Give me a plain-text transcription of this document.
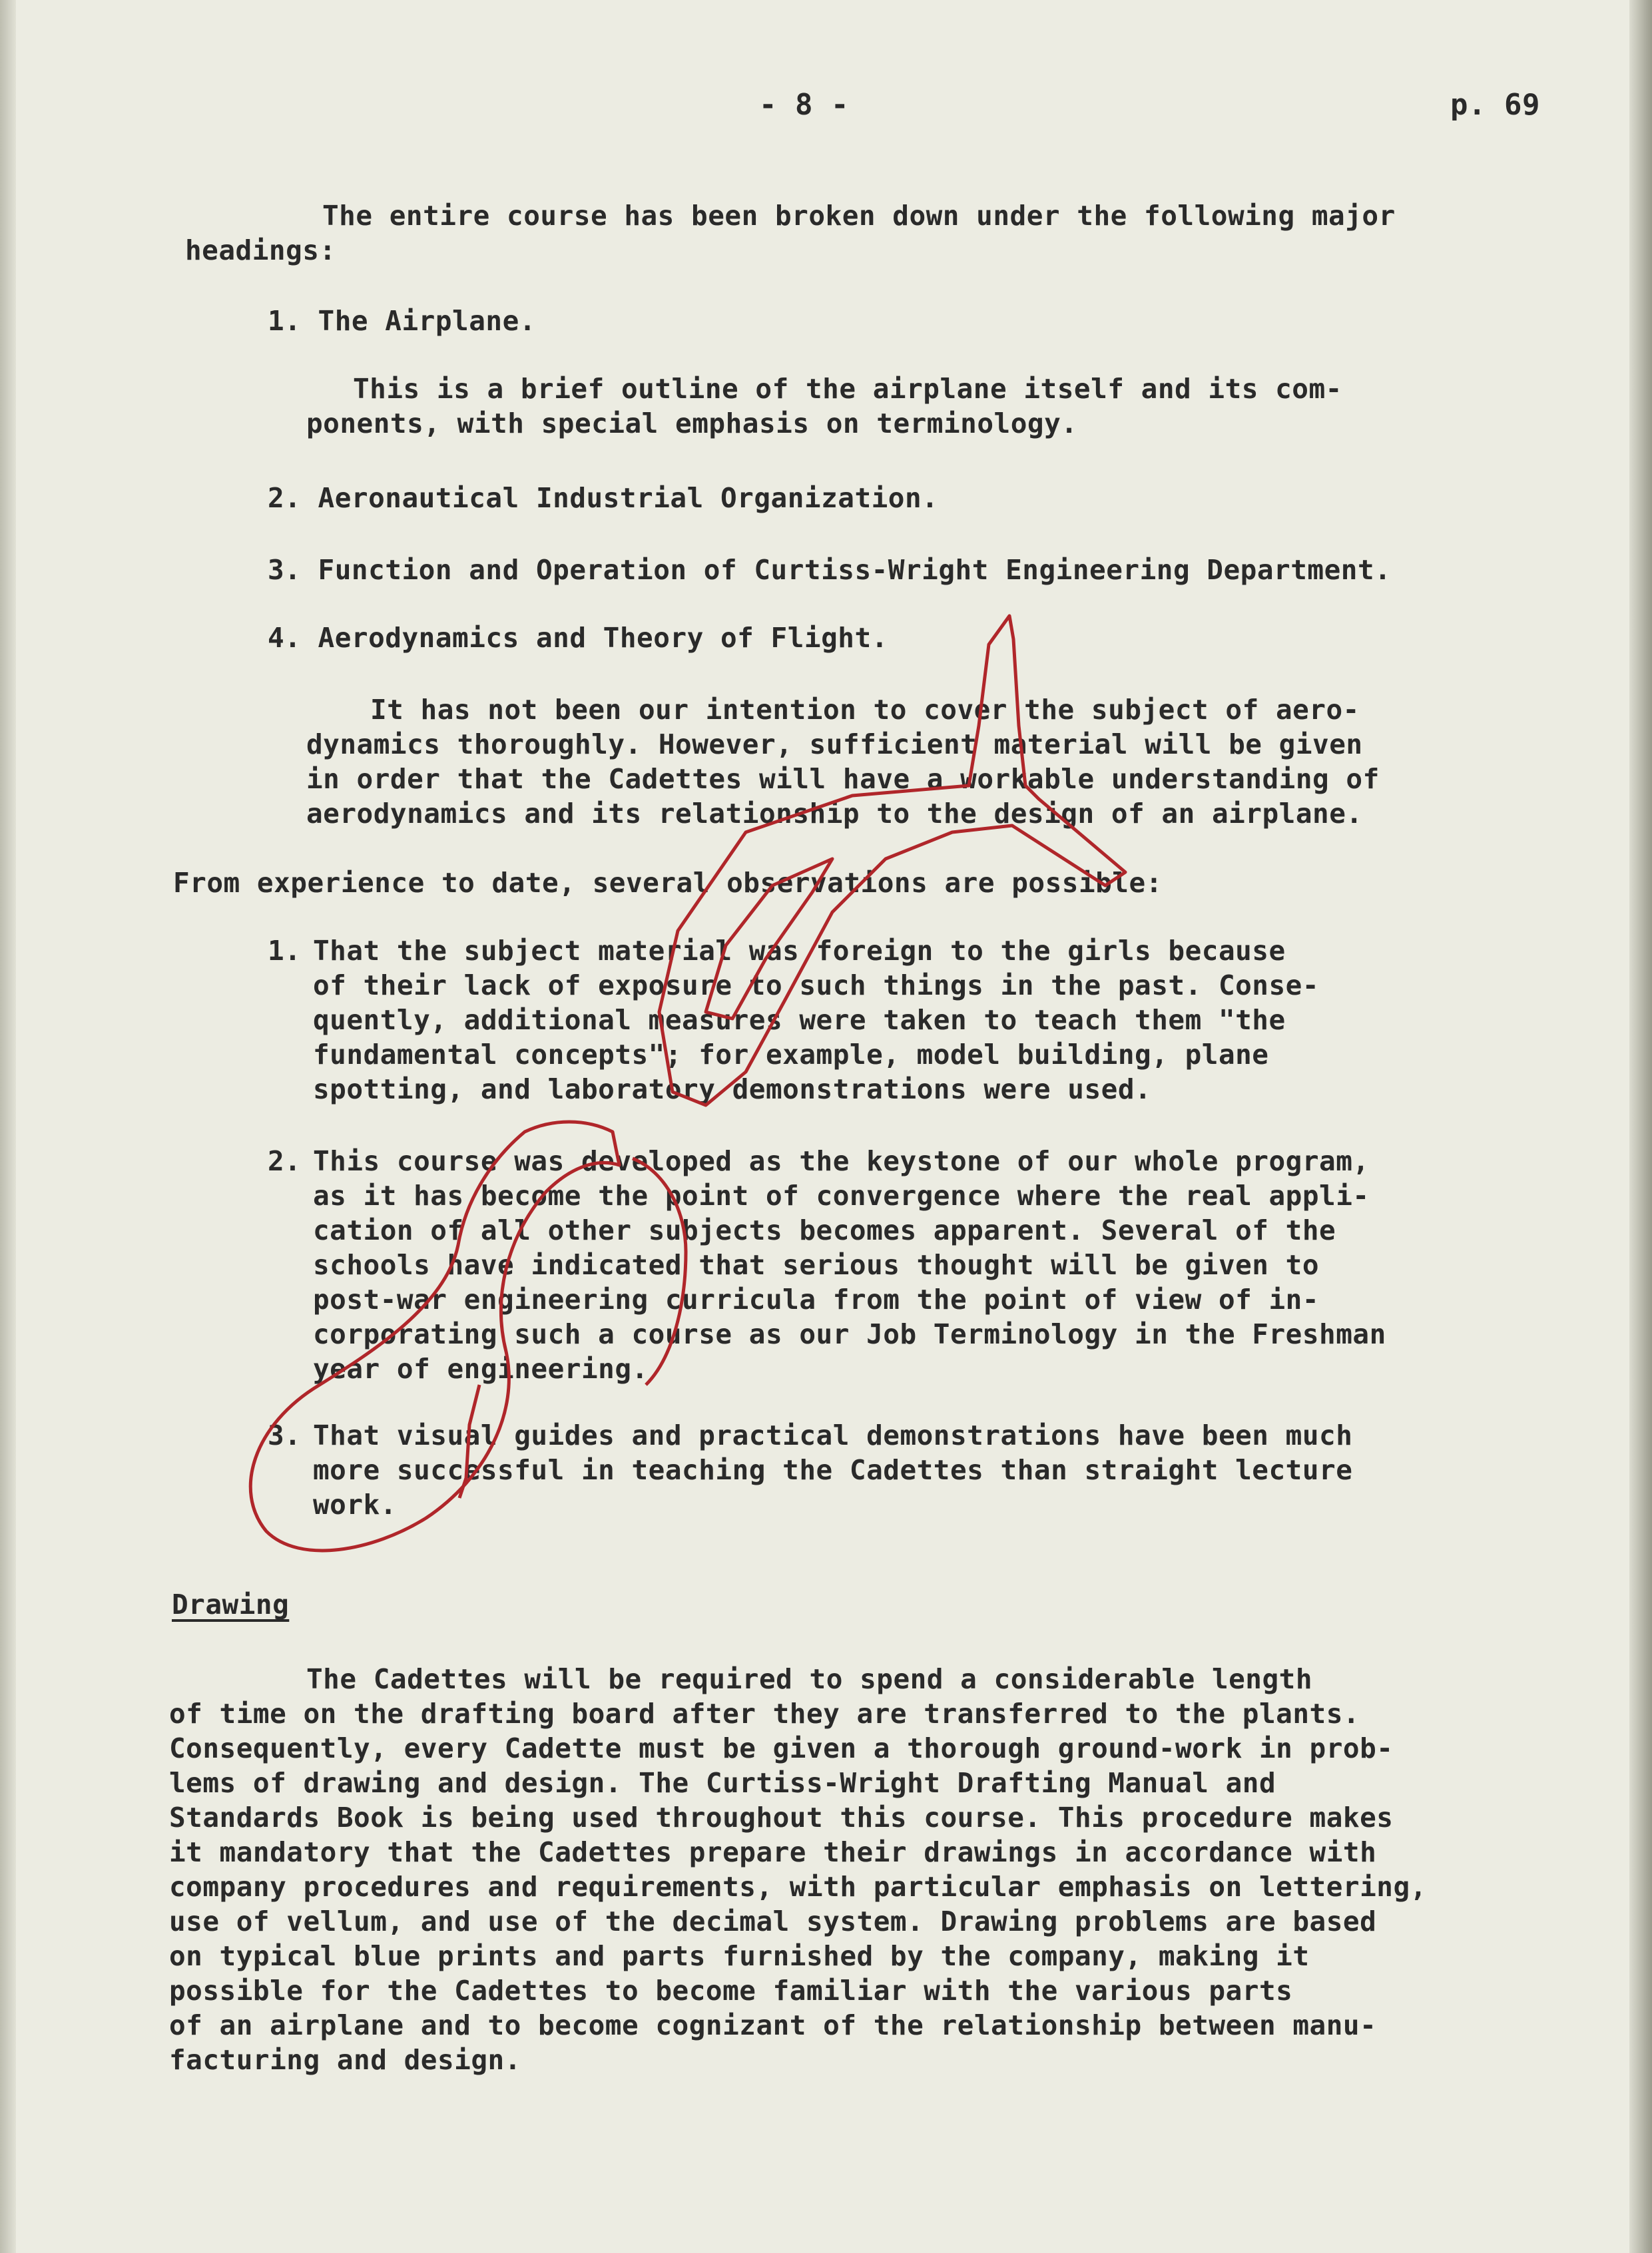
- 8 -	p. 69

The entire course has been broken down under the following major
headings:

1. The Airplane.

This is a brief outline of the airplane itself and its com-
ponents, with special emphasis on terminology.

2. Aeronautical Industrial Organization.

3. Function and Operation of Curtiss-Wright Engineering Department.

4. Aerodynamics and Theory of Flight.

It has not been our intention to cover the subject of aero-
dynamics thoroughly. However, sufficient material will be given
in order that the Cadettes will have a workable understanding of
aerodynamics and its relationship to the design of an airplane.

From experience to date, several observations are possible:

1. That the subject material was foreign to the girls because
of their lack of exposure to such things in the past. Conse-
quently, additional measures were taken to teach them "the
fundamental concepts"; for example, model building, plane
spotting, and laboratory demonstrations were used.

2. This course was developed as the keystone of our whole program,
as it has become the point of convergence where the real appli-
cation of all other subjects becomes apparent. Several of the
schools have indicated that serious thought will be given to
post-war engineering curricula from the point of view of in-
corporating such a course as our Job Terminology in the Freshman
year of engineering.

3. That visual guides and practical demonstrations have been much
more successful in teaching the Cadettes than straight lecture
work.

Drawing

The Cadettes will be required to spend a considerable length
of time on the drafting board after they are transferred to the plants.
Consequently, every Cadette must be given a thorough ground-work in prob-
lems of drawing and design. The Curtiss-Wright Drafting Manual and
Standards Book is being used throughout this course. This procedure makes
it mandatory that the Cadettes prepare their drawings in accordance with
company procedures and requirements, with particular emphasis on lettering,
use of vellum, and use of the decimal system. Drawing problems are based
on typical blue prints and parts furnished by the company, making it
possible for the Cadettes to become familiar with the various parts
of an airplane and to become cognizant of the relationship between manu-
facturing and design.
